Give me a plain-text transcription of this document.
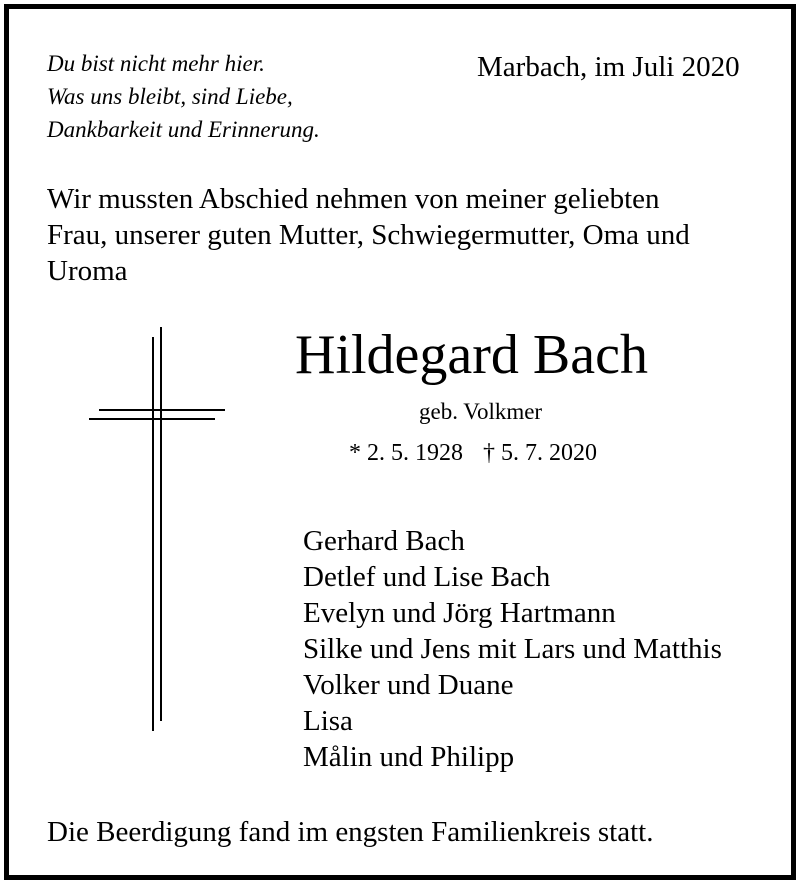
Du bist nicht mehr hier.
Was uns bleibt, sind Liebe,
Dankbarkeit und Erinnerung.
Marbach, im Juli 2020
Wir mussten Abschied nehmen von meiner geliebten
Frau, unserer guten Mutter, Schwiegermutter, Oma und
Uroma
Hildegard Bach
geb. Volkmer
* 2. 5. 1928 † 5. 7. 2020
Gerhard Bach
Detlef und Lise Bach
Evelyn und Jörg Hartmann
Silke und Jens mit Lars und Matthis
Volker und Duane
Lisa
Målin und Philipp
Die Beerdigung fand im engsten Familienkreis statt.
